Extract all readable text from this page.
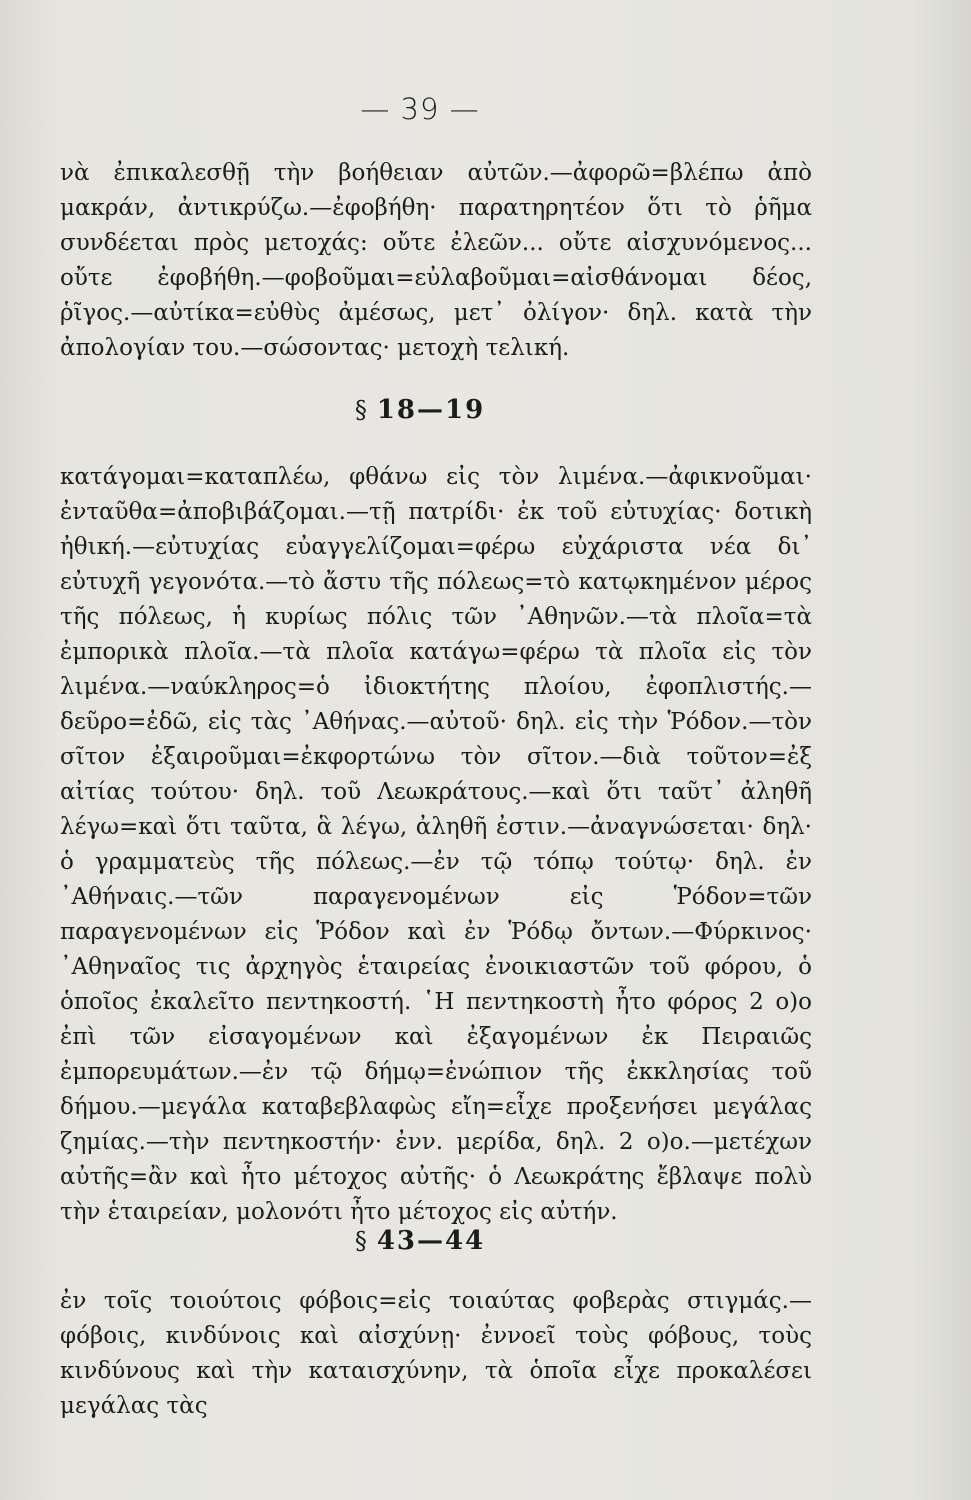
— 39 —

νὰ ἐπικαλεσθῇ τὴν βοήθειαν αὐτῶν.—ἀφορῶ=βλέπω ἀπὸ μακράν, ἀντικρύζω.—ἐφοβήθη· παρατηρητέον ὅτι τὸ ῥῆμα συνδέεται πρὸς μετοχάς: οὔτε ἐλεῶν... οὔτε αἰσχυνόμενος... οὔτε ἐφοβήθη.—φοβοῦμαι=εὐλαβοῦμαι=αἰσθάνομαι δέος, ῥῖγος.—αὐτίκα=εὐθὺς ἀμέσως, μετ᾿ ὀλίγον· δηλ. κατὰ τὴν ἀπολογίαν του.—σώσοντας· μετοχὴ τελική.

§ 18—19

κατάγομαι=καταπλέω, φθάνω εἰς τὸν λιμένα.—ἀφικνοῦμαι· ἐνταῦθα=ἀποβιβάζομαι.—τῇ πατρίδι· ἐκ τοῦ εὐτυχίας· δοτικὴ ἠθική.—εὐτυχίας εὐαγγελίζομαι=φέρω εὐχάριστα νέα δι᾿ εὐτυχῆ γεγονότα.—τὸ ἄστυ τῆς πόλεως=τὸ κατῳκημένον μέρος τῆς πόλεως, ἡ κυρίως πόλις τῶν ᾿Αθηνῶν.—τὰ πλοῖα=τὰ ἐμπορικὰ πλοῖα.—τὰ πλοῖα κατάγω=φέρω τὰ πλοῖα εἰς τὸν λιμένα.—ναύκληρος=ὁ ἰδιοκτήτης πλοίου, ἐφοπλιστής.—δεῦρο=ἐδῶ, εἰς τὰς ᾿Αθήνας.—αὐτοῦ· δηλ. εἰς τὴν Ῥόδον.—τὸν σῖτον ἐξαιροῦμαι=ἐκφορτώνω τὸν σῖτον.—διὰ τοῦτον=ἐξ αἰτίας τούτου· δηλ. τοῦ Λεωκράτους.—καὶ ὅτι ταῦτ᾿ ἀληθῆ λέγω=καὶ ὅτι ταῦτα, ἃ λέγω, ἀληθῆ ἐστιν.—ἀναγνώσεται· δηλ· ὁ γραμματεὺς τῆς πόλεως.—ἐν τῷ τόπῳ τούτῳ· δηλ. ἐν ᾿Αθήναις.—τῶν παραγενομένων εἰς Ῥόδον=τῶν παραγενομένων εἰς Ῥόδον καὶ ἐν Ῥόδῳ ὄντων.—Φύρκινος· ᾿Αθηναῖος τις ἀρχηγὸς ἑταιρείας ἐνοικιαστῶν τοῦ φόρου, ὁ ὁποῖος ἐκαλεῖτο πεντηκοστή. ῾Η πεντηκοστὴ ἦτο φόρος 2 ο)ο ἐπὶ τῶν εἰσαγομένων καὶ ἐξαγομένων ἐκ Πειραιῶς ἐμπορευμάτων.—ἐν τῷ δήμῳ=ἐνώπιον τῆς ἐκκλησίας τοῦ δήμου.—μεγάλα καταβεβλαφὼς εἴη=εἶχε προξενήσει μεγάλας ζημίας.—τὴν πεντηκοστήν· ἐνν. μερίδα, δηλ. 2 ο)ο.—μετέχων αὐτῆς=ἂν καὶ ἦτο μέτοχος αὐτῆς· ὁ Λεωκράτης ἔβλαψε πολὺ τὴν ἑταιρείαν, μολονότι ἦτο μέτοχος εἰς αὐτήν.

§ 43—44

ἐν τοῖς τοιούτοις φόβοις=εἰς τοιαύτας φοβερὰς στιγμάς.—φόβοις, κινδύνοις καὶ αἰσχύνῃ· ἐννοεῖ τοὺς φόβους, τοὺς κινδύνους καὶ τὴν καταισχύνην, τὰ ὁποῖα εἶχε προκαλέσει μεγάλας τὰς
